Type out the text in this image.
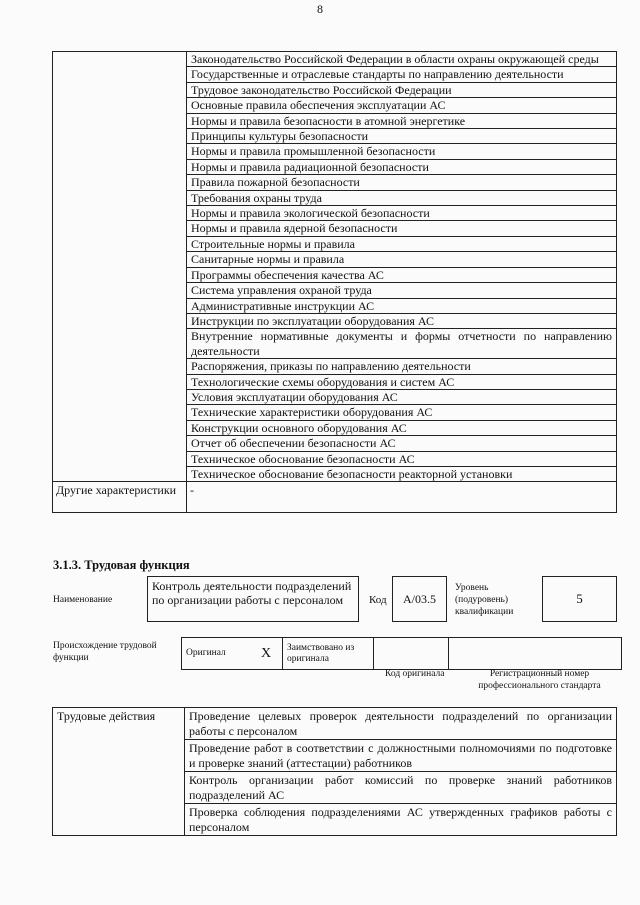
8
	Законодательство Российской Федерации в области охраны окружающей среды
	Государственные и отраслевые стандарты по направлению деятельности
	Трудовое законодательство Российской Федерации
	Основные правила обеспечения эксплуатации АС
	Нормы и правила безопасности в атомной энергетике
	Принципы культуры безопасности
	Нормы и правила промышленной безопасности
	Нормы и правила радиационной безопасности
	Правила пожарной безопасности
	Требования охраны труда
	Нормы и правила экологической безопасности
	Нормы и правила ядерной безопасности
	Строительные нормы и правила
	Санитарные нормы и правила
	Программы обеспечения качества АС
	Система управления охраной труда
	Административные инструкции АС
	Инструкции по эксплуатации оборудования АС
	Внутренние нормативные документы и формы отчетности по направлению деятельности
	Распоряжения, приказы по направлению деятельности
	Технологические схемы оборудования и систем АС
	Условия эксплуатации оборудования АС
	Технические характеристики оборудования АС
	Конструкции основного оборудования АС
	Отчет об обеспечении безопасности АС
	Техническое обоснование безопасности АС
	Техническое обоснование безопасности реакторной установки
Другие характеристики	-
3.1.3. Трудовая функция
Наименование
Контроль деятельности подразделений по организации работы с персоналом	Код	A/03.5
Уровень (подуровень) квалификации
5
Происхождение трудовой функции	Оригинал	X	Заимствовано из оригинала		
Код оригинала	Регистрационный номер профессионального стандарта
Трудовые действия	Проведение целевых проверок деятельности подразделений по организации работы с персоналом
Проведение работ в соответствии с должностными полномочиями по подготовке и проверке знаний (аттестации) работников
Контроль организации работ комиссий по проверке знаний работников подразделений АС
Проверка соблюдения подразделениями АС утвержденных графиков работы с персоналом
